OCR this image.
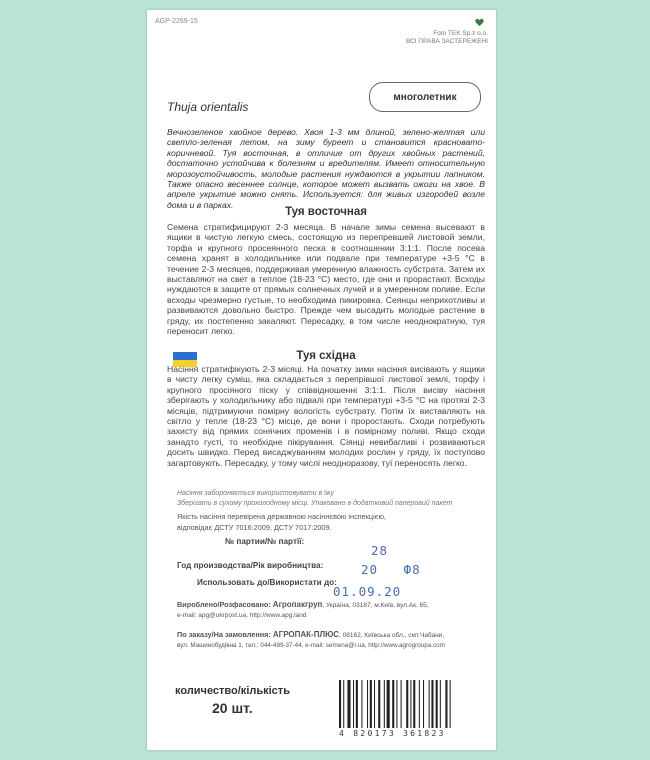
AGP-2269-15
Foto TEK Sp.z o.o.
ВСІ ПРАВА ЗАСТЕРЕЖЕНІ
Thuja orientalis
многолетник

Вечнозеленое хвойное дерево. Хвоя 1-3 мм длиной, зелено-желтая или светло-зеленая летом, на зиму буреет и становится красновато-коричневой. Туя восточная, в отличие от других хвойных растений, достаточно устойчива к болезням и вредителям. Имеет относительную морозоустойчивость, молодые растения нуждаются в укрытии лапником. Также опасно весеннее солнце, которое может вызвать ожоги на хвое. В апреле укрытие можно снять. Используется: для живых изгородей возле дома и в парках.

Туя восточная

Семена стратифицируют 2-3 месяца. В начале зимы семена высевают в ящики в чистую легкую смесь, состоящую из перепревшей листовой земли, торфа и крупного просеянного песка в соотношении 3:1:1. После посева семена хранят в холодильнике или подвале при температуре +3-5 °С в течение 2-3 месяцев, поддерживая умеренную влажность субстрата. Затем их выставляют на свет в теплое (18-23 °С) место, где они и прорастают. Всходы нуждаются в защите от прямых солнечных лучей и в умеренном поливе. Если всходы чрезмерно густые, то необходима пикировка. Сеянцы неприхотливы и развиваются довольно быстро. Прежде чем высадить молодые растение в гряду, их постепенно закаляют. Пересадку, в том числе неоднократную, туя переносит легко.

Туя східна

Насіння стратифікують 2-3 місяці. На початку зими насіння висівають у ящики в чисту легку суміш, яка складається з перепрівшої листової землі, торфу і крупного просіяного піску у співвідношенні 3:1:1. Після висіву насіння зберігають у холодильнику або підвалі при температурі +3-5 °С на протязі 2-3 місяців, підтримуючи помірну вологість субстрату. Потім їх виставляють на світло у тепле (18-23 °С) місце, де вони і проростають. Сходи потребують захисту від прямих сонячних променів і в помірному поливі. Якщо сходи занадто густі, то необхідне пікірування. Сіянці невибагливі і розвиваються досить швидко. Перед висаджуванням молодих рослин у гряду, їх поступово загартовують. Пересадку, у тому числі неодноразову, туї переносять легко.

Насіння забороняється використовувати в їжу
Зберігати в сухому прохолодному місці. Упаковано в додатковий паперовий пакет
Якість насіння перевірена державною насіннєвою інспекцією,
відповідає ДСТУ 7016:2009, ДСТУ 7017:2009.
№ партии/№ партії:
28
Год производства/Рік виробництва:	20   Ф8
Использовать до/Використати до:
01.09.20
Виробленo/Розфасовано: Агропакгруп, Україна, 03187, м.Київ, вул.Ак. 65,
e-mail: apg@ukrpost.ua, http://www.apg.land
По заказу/На замовлення: АГРОПАК-ПЛЮС, 08162, Київська обл., смт.Чабани,
вул. Машинобудівна 1, тел.: 044-499-37-44, e-mail: semena@i.ua, http://www.agrogroupa.com
количество/кількість
20 шт.
4 820173 361823
